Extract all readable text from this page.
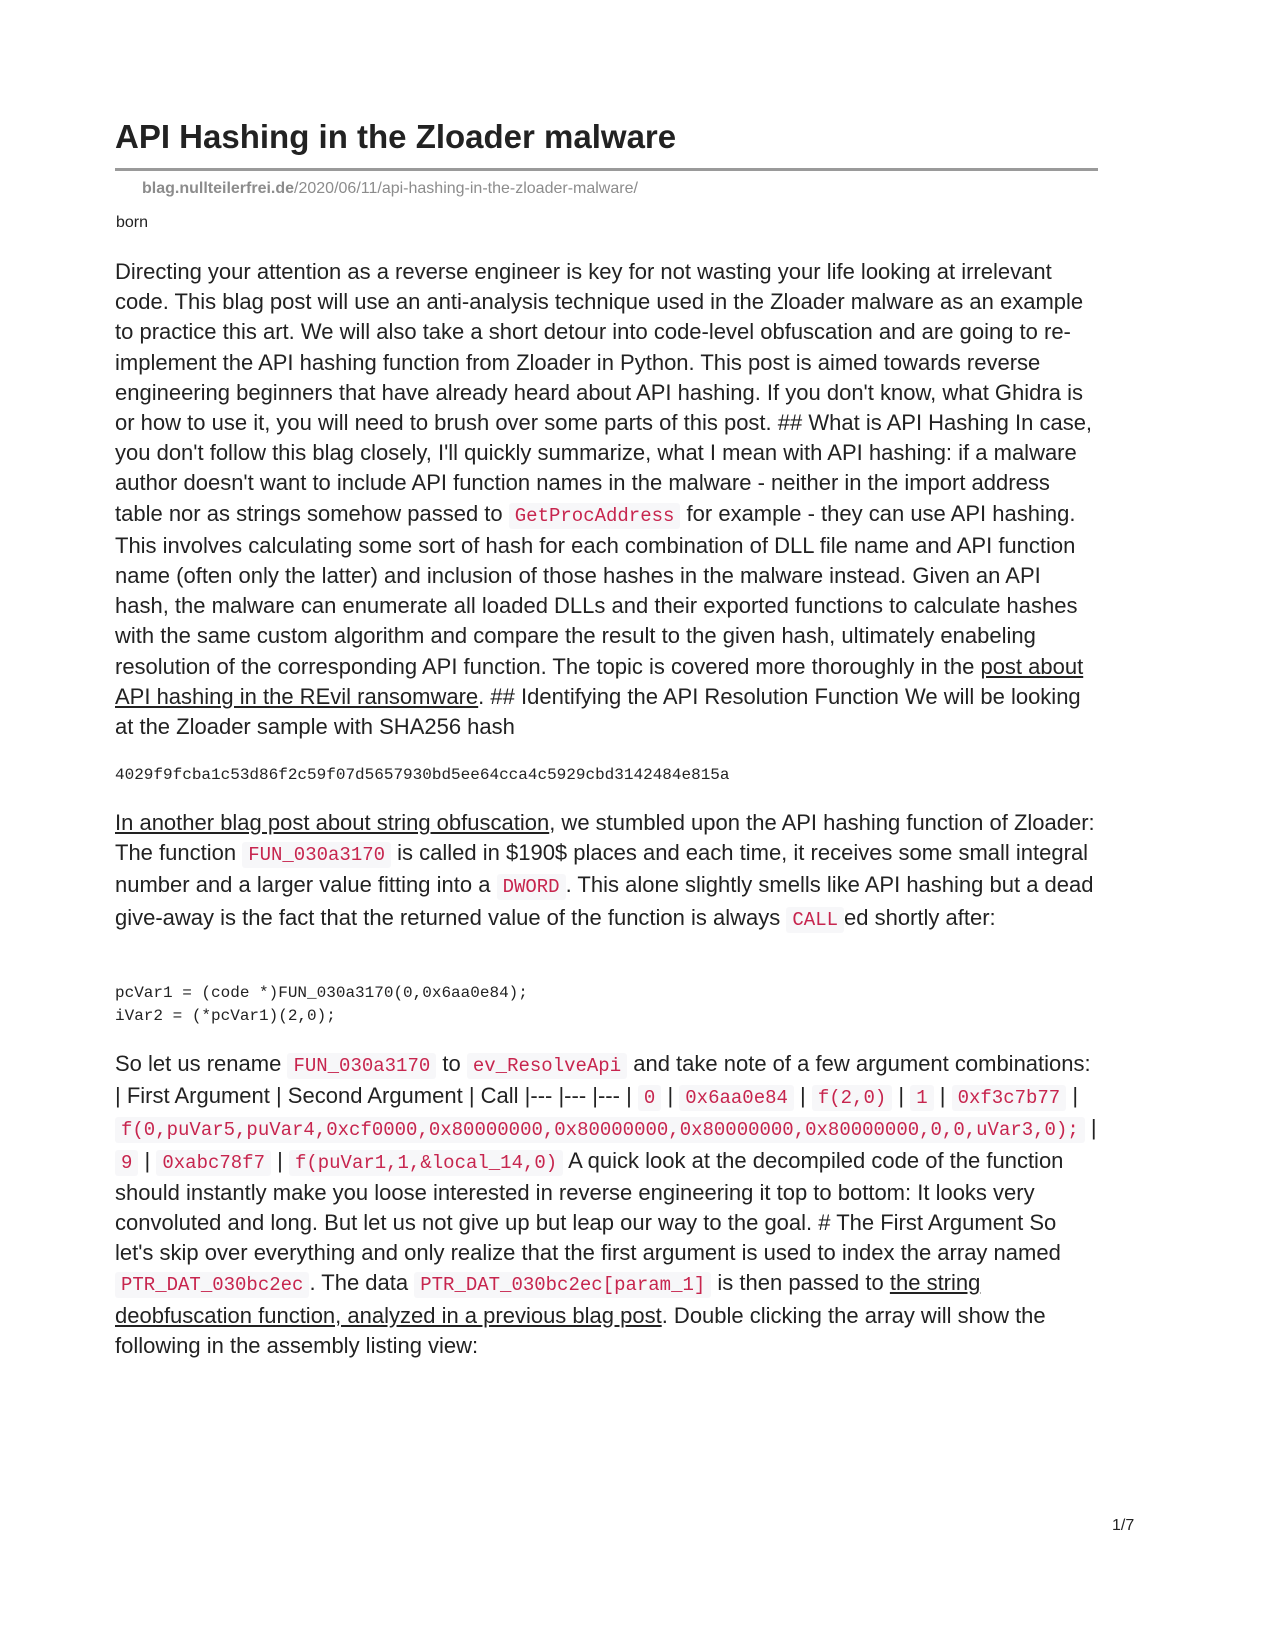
API Hashing in the Zloader malware
blag.nullteilerfrei.de/2020/06/11/api-hashing-in-the-zloader-malware/
born

Directing your attention as a reverse engineer is key for not wasting your life looking at irrelevant code. This blag post will use an anti-analysis technique used in the Zloader malware as an example to practice this art. We will also take a short detour into code-level obfuscation and are going to re-implement the API hashing function from Zloader in Python. This post is aimed towards reverse engineering beginners that have already heard about API hashing. If you don't know, what Ghidra is or how to use it, you will need to brush over some parts of this post. ## What is API Hashing In case, you don't follow this blag closely, I'll quickly summarize, what I mean with API hashing: if a malware author doesn't want to include API function names in the malware - neither in the import address table nor as strings somehow passed to GetProcAddress for example - they can use API hashing. This involves calculating some sort of hash for each combination of DLL file name and API function name (often only the latter) and inclusion of those hashes in the malware instead. Given an API hash, the malware can enumerate all loaded DLLs and their exported functions to calculate hashes with the same custom algorithm and compare the result to the given hash, ultimately enabeling resolution of the corresponding API function. The topic is covered more thoroughly in the post about API hashing in the REvil ransomware. ## Identifying the API Resolution Function We will be looking at the Zloader sample with SHA256 hash

4029f9fcba1c53d86f2c59f07d5657930bd5ee64cca4c5929cbd3142484e815a

In another blag post about string obfuscation, we stumbled upon the API hashing function of Zloader: The function FUN_030a3170 is called in $190$ places and each time, it receives some small integral number and a larger value fitting into a DWORD . This alone slightly smells like API hashing but a dead give-away is the fact that the returned value of the function is always CALL ed shortly after:

pcVar1 = (code *)FUN_030a3170(0,0x6aa0e84);
iVar2 = (*pcVar1)(2,0);

So let us rename FUN_030a3170 to ev_ResolveApi and take note of a few argument combinations: | First Argument | Second Argument | Call |--- |--- |--- | 0 | 0x6aa0e84 | f(2,0) | 1 | 0xf3c7b77 | f(0,puVar5,puVar4,0xcf0000,0x80000000,0x80000000,0x80000000,0x80000000,0,0,uVar3,0); | 9 | 0xabc78f7 | f(puVar1,1,&local_14,0) A quick look at the decompiled code of the function should instantly make you loose interested in reverse engineering it top to bottom: It looks very convoluted and long. But let us not give up but leap our way to the goal. # The First Argument So let's skip over everything and only realize that the first argument is used to index the array named PTR_DAT_030bc2ec . The data PTR_DAT_030bc2ec[param_1] is then passed to the string deobfuscation function, analyzed in a previous blag post. Double clicking the array will show the following in the assembly listing view:

1/7
